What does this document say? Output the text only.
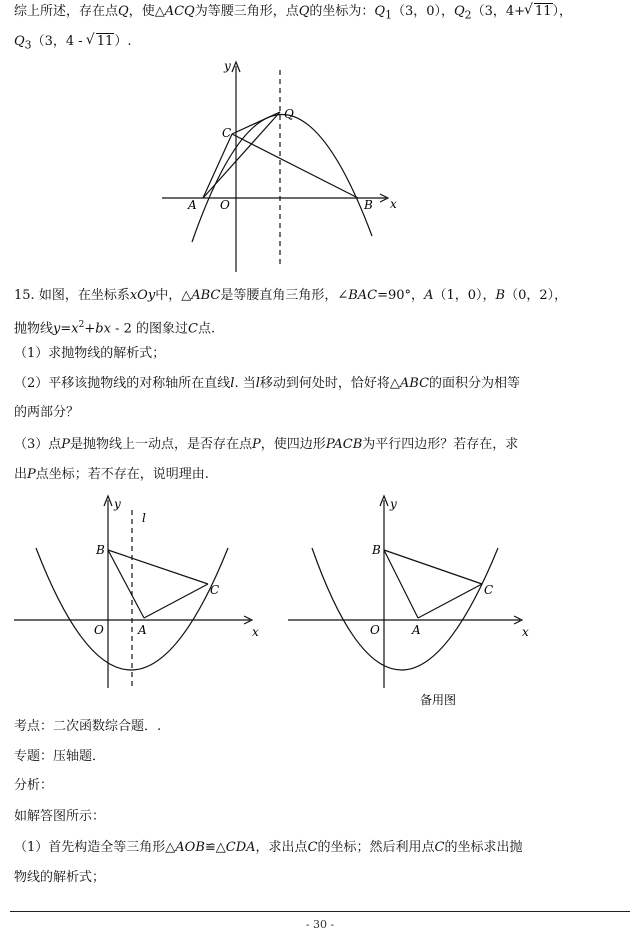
综上所述，存在点Q，使△ACQ为等腰三角形，点Q的坐标为：$Q_1(3$，0），$Q_2(3$，4+√ 11），
$Q_3(3$，4 - √ 11）.
y
x
A O	B
C
Q
15. 如图，在坐标系xOy中，△ABC是等腰直角三角形，∠BAC=90°，A（1，0），B（0，2），
抛物线$y=x^2+bx - 2$ 的图象过C点.
（1）求抛物线的解析式；
（2）平移该抛物线的对称轴所在直线l. 当l移动到何处时，恰好将△ABC的面积分为相等
的两部分？
（3）点P是抛物线上一动点，是否存在点P，使四边形PACB为平行四边形？若存在，求
出P点坐标；若不存在，说明理由.
y
l
x
B
C
A
O
y
x
B
C
A
O
备用图
考点：二次函数综合题．.
专题：压轴题．
分析：
如解答图所示：
（1）首先构造全等三角形△AOB≌△CDA，求出点C的坐标；然后利用点C的坐标求出抛
物线的解析式；
- 30 -
